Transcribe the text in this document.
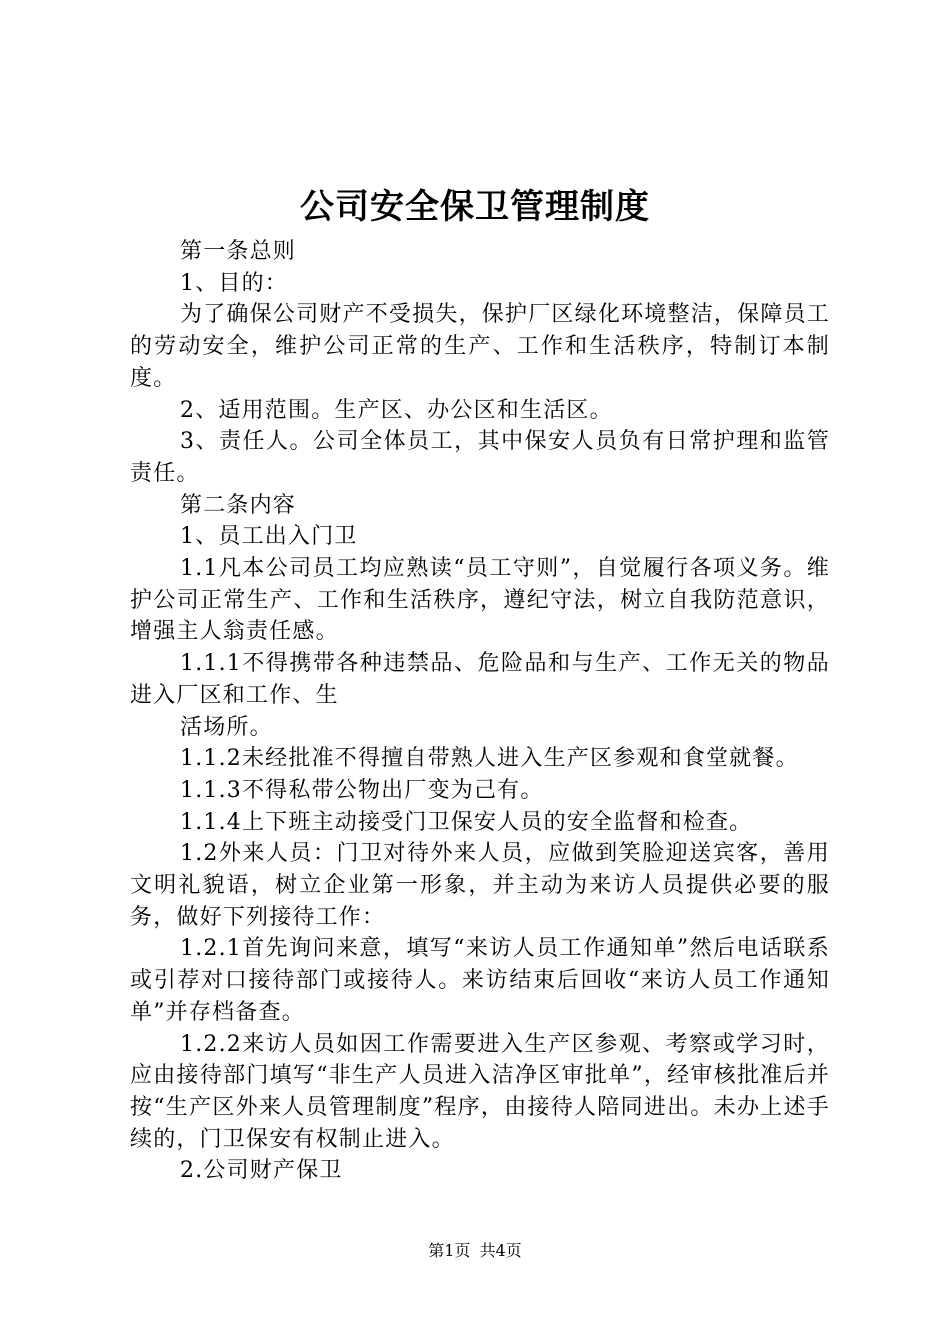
公司安全保卫管理制度

第一条总则

1、目的：

为了确保公司财产不受损失，保护厂区绿化环境整洁，保障员工的劳动安全，维护公司正常的生产、工作和生活秩序，特制订本制度。

2、适用范围。生产区、办公区和生活区。

3、责任人。公司全体员工，其中保安人员负有日常护理和监管责任。

第二条内容

1、员工出入门卫

1.1凡本公司员工均应熟读“员工守则”，自觉履行各项义务。维护公司正常生产、工作和生活秩序，遵纪守法，树立自我防范意识，增强主人翁责任感。

1.1.1不得携带各种违禁品、危险品和与生产、工作无关的物品进入厂区和工作、生

活场所。

1.1.2未经批准不得擅自带熟人进入生产区参观和食堂就餐。

1.1.3不得私带公物出厂变为己有。

1.1.4上下班主动接受门卫保安人员的安全监督和检查。

1.2外来人员：门卫对待外来人员，应做到笑脸迎送宾客，善用文明礼貌语，树立企业第一形象，并主动为来访人员提供必要的服务，做好下列接待工作：

1.2.1首先询问来意，填写“来访人员工作通知单”然后电话联系或引荐对口接待部门或接待人。来访结束后回收“来访人员工作通知单”并存档备查。

1.2.2来访人员如因工作需要进入生产区参观、考察或学习时，应由接待部门填写“非生产人员进入洁净区审批单”，经审核批准后并按“生产区外来人员管理制度”程序，由接待人陪同进出。未办上述手续的，门卫保安有权制止进入。

2.公司财产保卫

第1页 共4页
